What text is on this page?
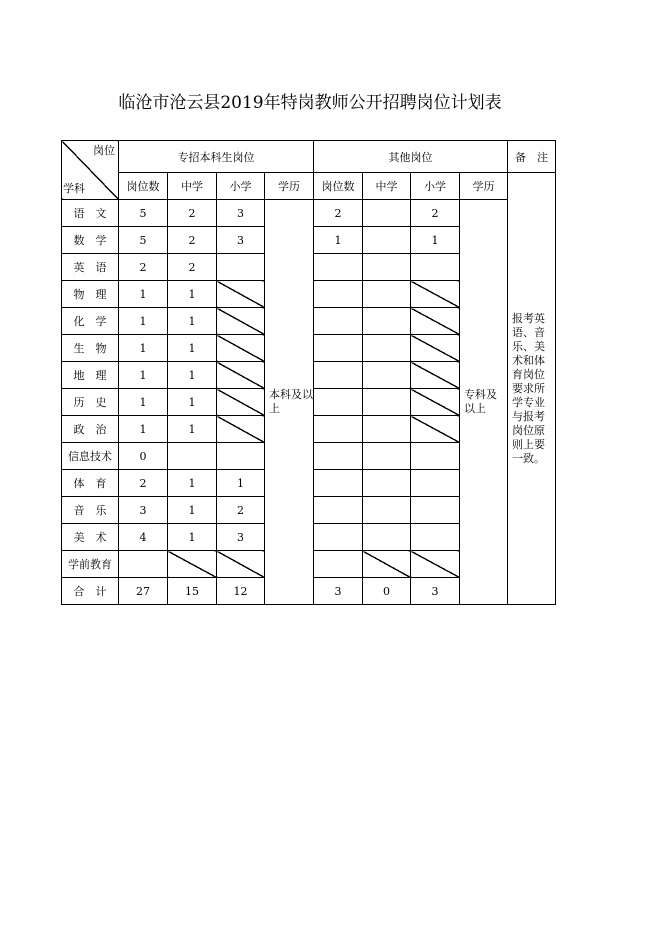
临沧市沧云县2019年特岗教师公开招聘岗位计划表
岗位
学科	专招本科生岗位				其他岗位				备　注
	岗位数	中学	小学	学历	岗位数	中学	小学	学历	报考英语、音乐、美术和体育岗位要求所学专业与报考岗位原则上要一致。
语　文	5	2	3	本科及以上	2		2	专科及以上	
数　学	5	2	3		1		1		
英　语	2	2							
物　理	1	1							
化　学	1	1							
生　物	1	1							
地　理	1	1							
历　史	1	1							
政　治	1	1							
信息技术	0								
体　育	2	1	1						
音　乐	3	1	2						
美　术	4	1	3						
学前教育									
合　计	27	15	12		3	0	3		
